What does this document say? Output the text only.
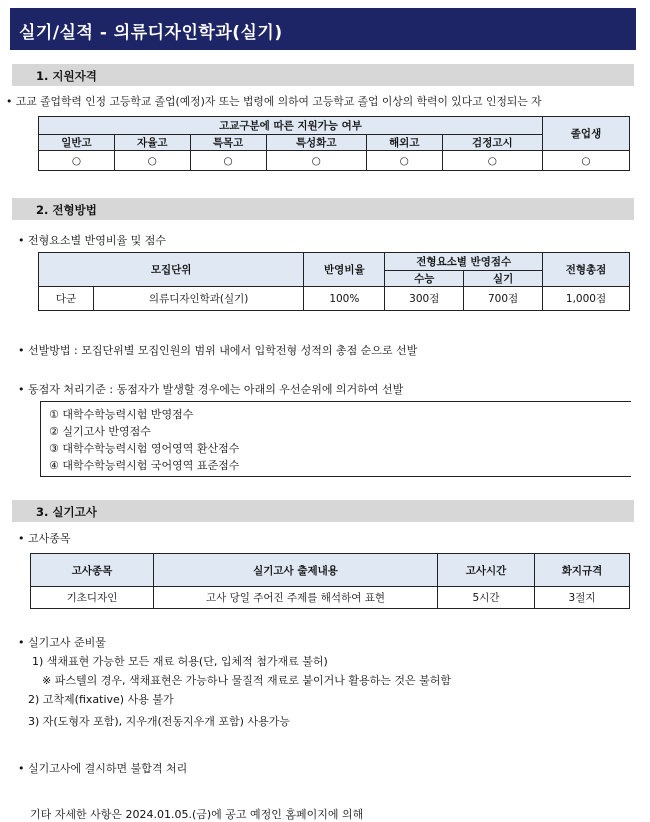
실기/실적 - 의류디자인학과(실기)
1. 지원자격
• 고교 졸업학력 인정 고등학교 졸업(예정)자 또는 법령에 의하여 고등학교 졸업 이상의 학력이 있다고 인정되는 자
고교구분에 따른 지원가능 여부						졸업생
일반고	자율고	특목고	특성화고	해외고	검정고시	
○	○	○	○	○	○	○
2. 전형방법
• 전형요소별 반영비율 및 점수
모집단위		반영비율	전형요소별 반영점수		전형총점
			수능	실기	
다군	의류디자인학과(실기)	100%	300점	700점	1,000점
• 선발방법 : 모집단위별 모집인원의 범위 내에서 입학전형 성적의 총점 순으로 선발
• 동점자 처리기준 : 동점자가 발생할 경우에는 아래의 우선순위에 의거하여 선발
① 대학수학능력시험 반영점수
② 실기고사 반영점수
③ 대학수학능력시험 영어영역 환산점수
④ 대학수학능력시험 국어영역 표준점수
3. 실기고사
• 고사종목
고사종목	실기고사 출제내용	고사시간	화지규격
기초디자인	고사 당일 주어진 주제를 해석하여 표현	5시간	3절지
• 실기고사 준비물
1) 색채표현 가능한 모든 재료 허용(단, 입체적 첨가재료 불허)
※ 파스텔의 경우, 색채표현은 가능하나 물질적 재료로 붙이거나 활용하는 것은 불허함
2) 고착제(fixative) 사용 불가
3) 자(도형자 포함), 지우개(전동지우개 포함) 사용가능
• 실기고사에 결시하면 불합격 처리
기타 자세한 사항은 2024.01.05.(금)에 공고 예정인 홈페이지에 의해
